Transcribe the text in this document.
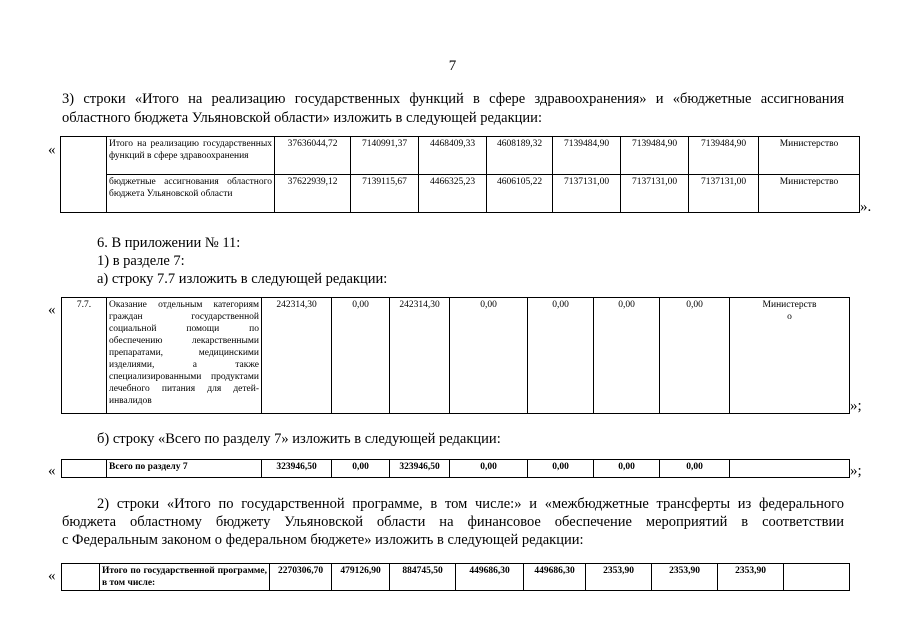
7
3) строки «Итого на реализацию государственных функций в сфере здравоохранения» и «бюджетные ассигнования
областного бюджета Ульяновской области» изложить в следующей редакции:
«
		Итого на реализацию государственных функций в сфере здравоохранения	37636044,72	7140991,37	4468409,33	4608189,32	7139484,90	7139484,90	7139484,90	Министерство
	бюджетные ассигнования областного бюджета Ульяновской области	37622939,12	7139115,67	4466325,23	4606105,22	7137131,00	7137131,00	7137131,00	Министерство
».
6. В приложении № 11:
1) в разделе 7:
а) строку 7.7 изложить в следующей редакции:
« 7.7.	Оказание отдельным категориям граждан государственной социальной помощи по обеспечению лекарственными препаратами, медицинскими изделиями, а также специализированными продуктами лечебного питания для детей-инвалидов	242314,30	0,00	242314,30	0,00	0,00	0,00	0,00	Министерство
»;
б) строку «Всего по разделу 7» изложить в следующей редакции:
«
		Всего по разделу 7	323946,50	0,00	323946,50	0,00	0,00	0,00	0,00		»;
2) строки «Итого по государственной программе, в том числе:» и «межбюджетные трансферты из федерального
бюджета областному бюджету Ульяновской области на финансовое обеспечение мероприятий в соответствии
с Федеральным законом о федеральном бюджете» изложить в следующей редакции:
«
		Итого по государственной программе, в том числе:	2270306,70	479126,90	884745,50	449686,30	449686,30	2353,90	2353,90	2353,90	
